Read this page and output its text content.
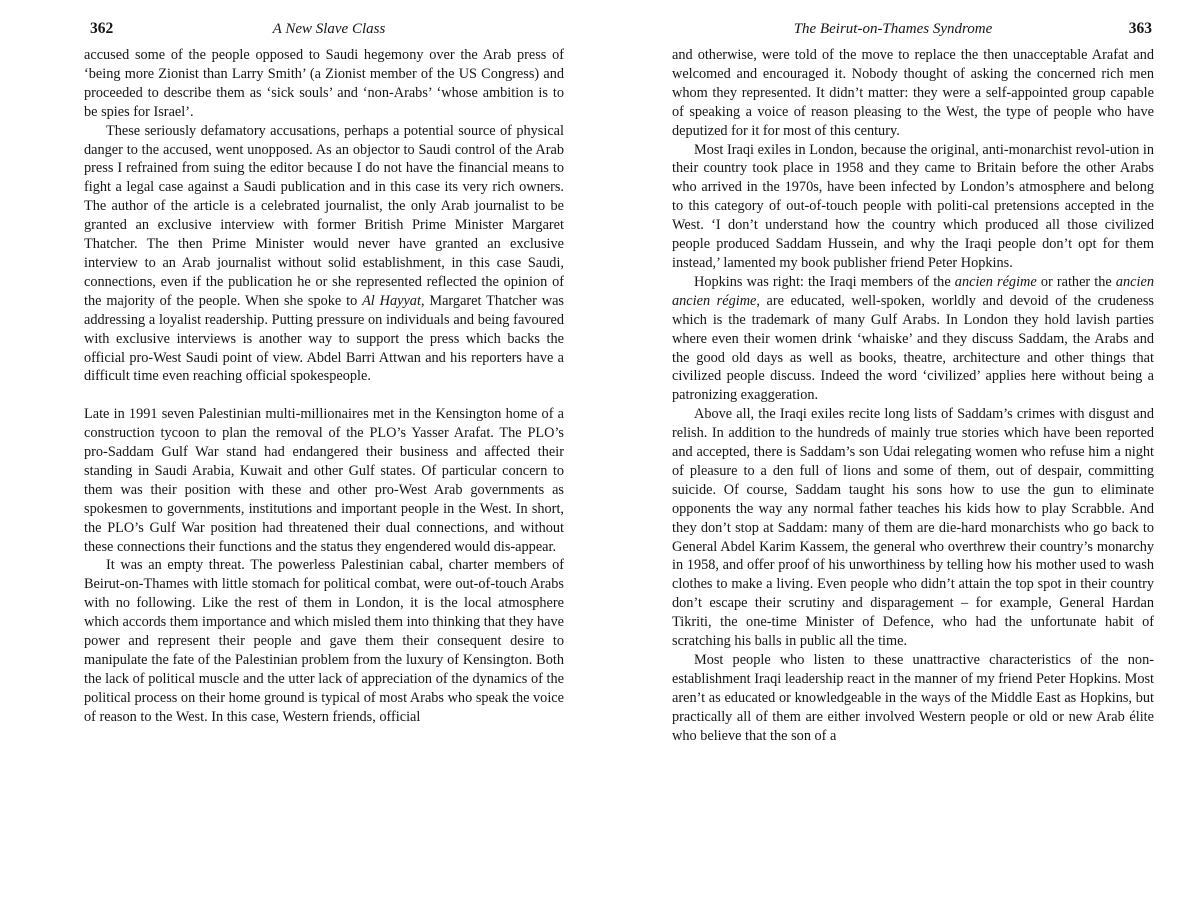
362	A New Slave Class

accused some of the people opposed to Saudi hegemony over the Arab press of ‘being more Zionist than Larry Smith’ (a Zionist member of the US Congress) and proceeded to describe them as ‘sick souls’ and ‘non-Arabs’ ‘whose ambition is to be spies for Israel’.

These seriously defamatory accusations, perhaps a potential source of physical danger to the accused, went unopposed. As an objector to Saudi control of the Arab press I refrained from suing the editor because I do not have the financial means to fight a legal case against a Saudi publication and in this case its very rich owners. The author of the article is a celebrated journalist, the only Arab journalist to be granted an exclusive interview with former British Prime Minister Margaret Thatcher. The then Prime Minister would never have granted an exclusive interview to an Arab journalist without solid establishment, in this case Saudi, connections, even if the publication he or she represented reflected the opinion of the majority of the people. When she spoke to Al Hayyat, Margaret Thatcher was addressing a loyalist readership. Putting pressure on individuals and being favoured with exclusive interviews is another way to support the press which backs the official pro-West Saudi point of view. Abdel Barri Attwan and his reporters have a difficult time even reaching official spokespeople.

Late in 1991 seven Palestinian multi-millionaires met in the Kensington home of a construction tycoon to plan the removal of the PLO’s Yasser Arafat. The PLO’s pro-Saddam Gulf War stand had endangered their business and affected their standing in Saudi Arabia, Kuwait and other Gulf states. Of particular concern to them was their position with these and other pro-West Arab governments as spokesmen to governments, institutions and important people in the West. In short, the PLO’s Gulf War position had threatened their dual connections, and without these connections their functions and the status they engendered would dis-appear.

It was an empty threat. The powerless Palestinian cabal, charter members of Beirut-on-Thames with little stomach for political combat, were out-of-touch Arabs with no following. Like the rest of them in London, it is the local atmosphere which accords them importance and which misled them into thinking that they have power and represent their people and gave them their consequent desire to manipulate the fate of the Palestinian problem from the luxury of Kensington. Both the lack of political muscle and the utter lack of appreciation of the dynamics of the political process on their home ground is typical of most Arabs who speak the voice of reason to the West. In this case, Western friends, official

The Beirut-on-Thames Syndrome	363

and otherwise, were told of the move to replace the then unacceptable Arafat and welcomed and encouraged it. Nobody thought of asking the concerned rich men whom they represented. It didn’t matter: they were a self-appointed group capable of speaking a voice of reason pleasing to the West, the type of people who have deputized for it for most of this century.

Most Iraqi exiles in London, because the original, anti-monarchist revol-ution in their country took place in 1958 and they came to Britain before the other Arabs who arrived in the 1970s, have been infected by London’s atmosphere and belong to this category of out-of-touch people with politi-cal pretensions accepted in the West. ‘I don’t understand how the country which produced all those civilized people produced Saddam Hussein, and why the Iraqi people don’t opt for them instead,’ lamented my book publisher friend Peter Hopkins.

Hopkins was right: the Iraqi members of the ancien régime or rather the ancien ancien régime, are educated, well-spoken, worldly and devoid of the crudeness which is the trademark of many Gulf Arabs. In London they hold lavish parties where even their women drink ‘whaiske’ and they discuss Saddam, the Arabs and the good old days as well as books, theatre, architecture and other things that civilized people discuss. Indeed the word ‘civilized’ applies here without being a patronizing exaggeration.

Above all, the Iraqi exiles recite long lists of Saddam’s crimes with disgust and relish. In addition to the hundreds of mainly true stories which have been reported and accepted, there is Saddam’s son Udai relegating women who refuse him a night of pleasure to a den full of lions and some of them, out of despair, committing suicide. Of course, Saddam taught his sons how to use the gun to eliminate opponents the way any normal father teaches his kids how to play Scrabble. And they don’t stop at Saddam: many of them are die-hard monarchists who go back to General Abdel Karim Kassem, the general who overthrew their country’s monarchy in 1958, and offer proof of his unworthiness by telling how his mother used to wash clothes to make a living. Even people who didn’t attain the top spot in their country don’t escape their scrutiny and disparagement – for example, General Hardan Tikriti, the one-time Minister of Defence, who had the unfortunate habit of scratching his balls in public all the time.

Most people who listen to these unattractive characteristics of the non-establishment Iraqi leadership react in the manner of my friend Peter Hopkins. Most aren’t as educated or knowledgeable in the ways of the Middle East as Hopkins, but practically all of them are either involved Western people or old or new Arab élite who believe that the son of a
